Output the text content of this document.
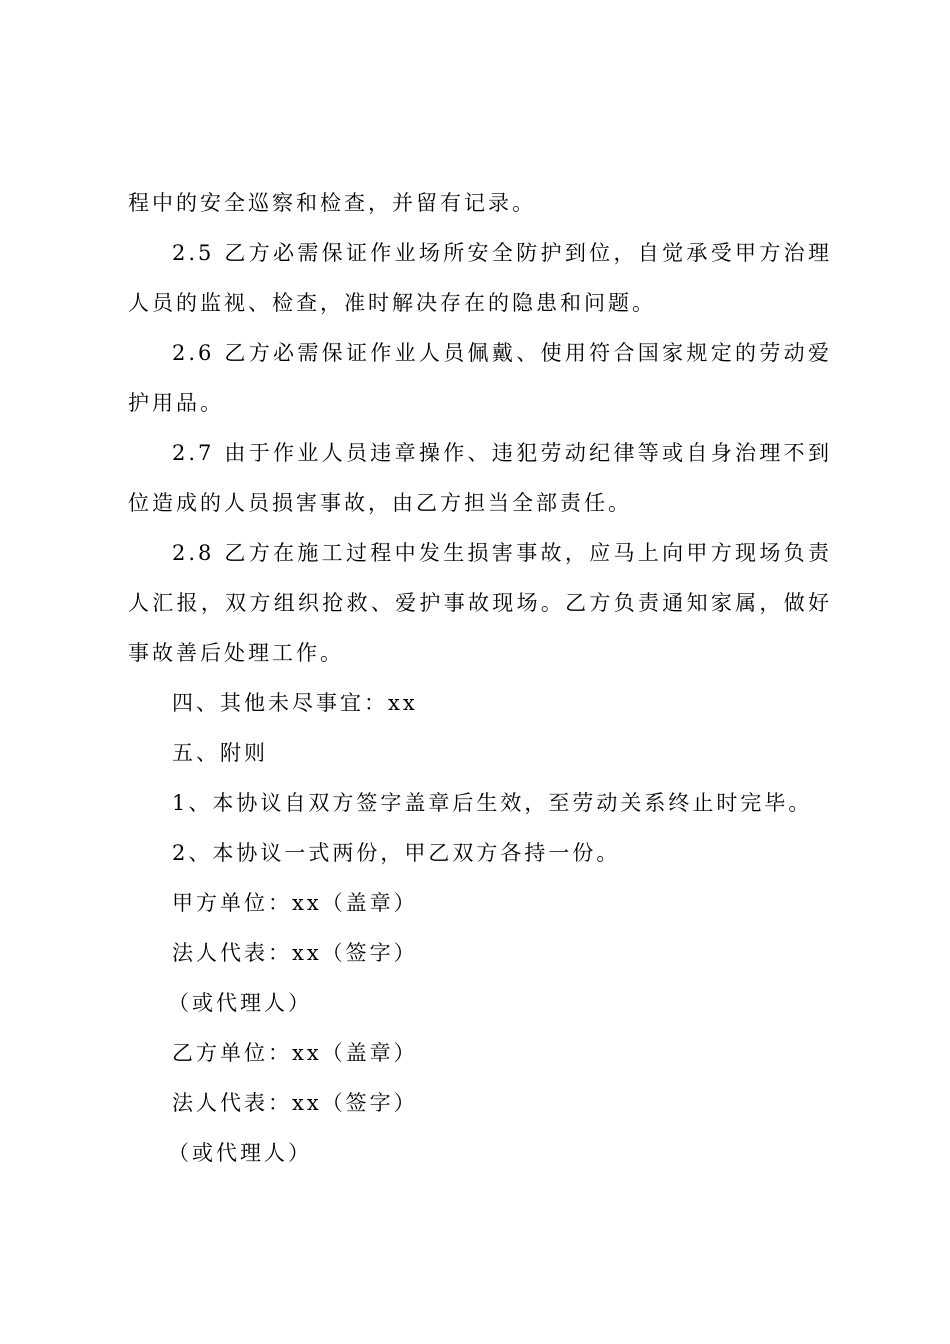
程中的安全巡察和检查，并留有记录。

2.5 乙方必需保证作业场所安全防护到位，自觉承受甲方治理人员的监视、检查，准时解决存在的隐患和问题。

2.6 乙方必需保证作业人员佩戴、使用符合国家规定的劳动爱护用品。

2.7 由于作业人员违章操作、违犯劳动纪律等或自身治理不到位造成的人员损害事故，由乙方担当全部责任。

2.8 乙方在施工过程中发生损害事故，应马上向甲方现场负责人汇报，双方组织抢救、爱护事故现场。乙方负责通知家属，做好事故善后处理工作。

四、其他未尽事宜：xx

五、附则

1、本协议自双方签字盖章后生效，至劳动关系终止时完毕。

2、本协议一式两份，甲乙双方各持一份。

甲方单位：xx（盖章）

法人代表：xx（签字）

（或代理人）

乙方单位：xx（盖章）

法人代表：xx（签字）

（或代理人）
